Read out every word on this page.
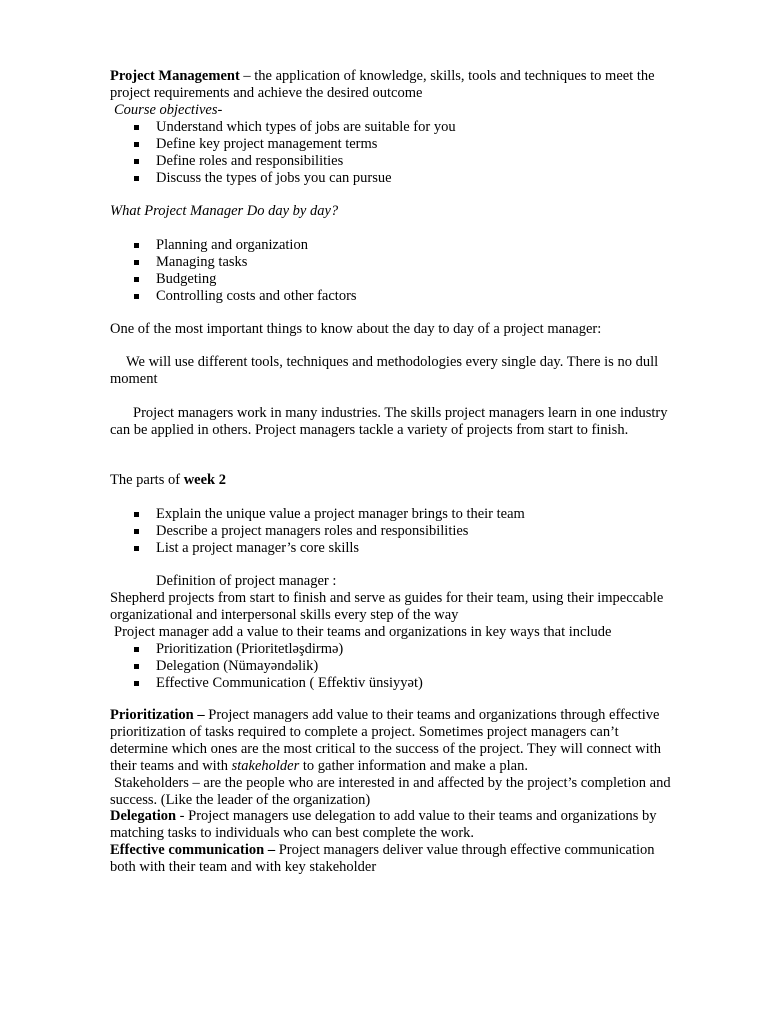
Project Management – the application of knowledge, skills, tools and techniques to meet the
project requirements and achieve the desired outcome
Course objectives-
Understand which types of jobs are suitable for you
Define key project management terms
Define roles and responsibilities
Discuss the types of jobs you can pursue
What Project Manager Do day by day?
Planning and organization
Managing tasks
Budgeting
Controlling costs and other factors
One of the most important things to know about the day to day of a project manager:
We will use different tools, techniques and methodologies every single day. There is no dull
moment
Project managers work in many industries. The skills project managers learn in one industry
can be applied in others. Project managers tackle a variety of projects from start to finish.
The parts of week 2
Explain the unique value a project manager brings to their team
Describe a project managers roles and responsibilities
List a project manager’s core skills
Definition of project manager :
Shepherd projects from start to finish and serve as guides for their team, using their impeccable
organizational and interpersonal skills every step of the way
Project manager add a value to their teams and organizations in key ways that include
Prioritization (Prioritetləşdirmə)
Delegation (Nümayəndəlik)
Effective Communication ( Effektiv ünsiyyət)
Prioritization – Project managers add value to their teams and organizations through effective
prioritization of tasks required to complete a project. Sometimes project managers can’t
determine which ones are the most critical to the success of the project. They will connect with
their teams and with stakeholder to gather information and make a plan.
Stakeholders – are the people who are interested in and affected by the project’s completion and
success. (Like the leader of the organization)
Delegation - Project managers use delegation to add value to their teams and organizations by
matching tasks to individuals who can best complete the work.
Effective communication – Project managers deliver value through effective communication
both with their team and with key stakeholder
